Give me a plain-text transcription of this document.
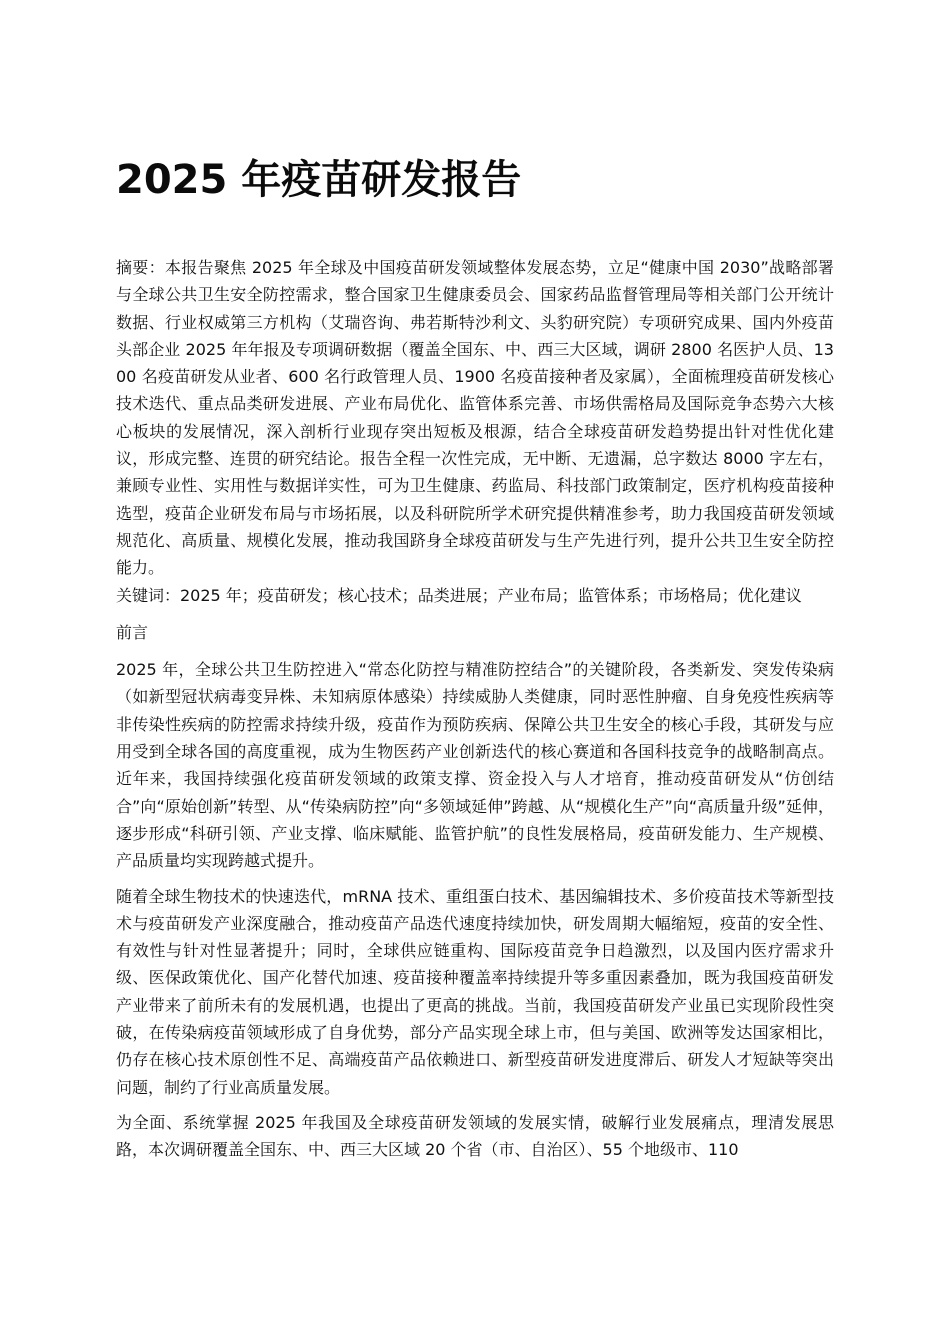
2025 年疫苗研发报告

摘要：本报告聚焦 2025 年全球及中国疫苗研发领域整体发展态势，立足“健康中国 2030”战略部署与全球公共卫生安全防控需求，整合国家卫生健康委员会、国家药品监督管理局等相关部门公开统计数据、行业权威第三方机构（艾瑞咨询、弗若斯特沙利文、头豹研究院）专项研究成果、国内外疫苗头部企业 2025 年年报及专项调研数据（覆盖全国东、中、西三大区域，调研 2800 名医护人员、1300 名疫苗研发从业者、600 名行政管理人员、1900 名疫苗接种者及家属），全面梳理疫苗研发核心技术迭代、重点品类研发进展、产业布局优化、监管体系完善、市场供需格局及国际竞争态势六大核心板块的发展情况，深入剖析行业现存突出短板及根源，结合全球疫苗研发趋势提出针对性优化建议，形成完整、连贯的研究结论。报告全程一次性完成，无中断、无遗漏，总字数达 8000 字左右，兼顾专业性、实用性与数据详实性，可为卫生健康、药监局、科技部门政策制定，医疗机构疫苗接种选型，疫苗企业研发布局与市场拓展，以及科研院所学术研究提供精准参考，助力我国疫苗研发领域规范化、高质量、规模化发展，推动我国跻身全球疫苗研发与生产先进行列，提升公共卫生安全防控能力。

关键词：2025 年；疫苗研发；核心技术；品类进展；产业布局；监管体系；市场格局；优化建议

前言

2025 年，全球公共卫生防控进入“常态化防控与精准防控结合”的关键阶段，各类新发、突发传染病（如新型冠状病毒变异株、未知病原体感染）持续威胁人类健康，同时恶性肿瘤、自身免疫性疾病等非传染性疾病的防控需求持续升级，疫苗作为预防疾病、保障公共卫生安全的核心手段，其研发与应用受到全球各国的高度重视，成为生物医药产业创新迭代的核心赛道和各国科技竞争的战略制高点。近年来，我国持续强化疫苗研发领域的政策支撑、资金投入与人才培育，推动疫苗研发从“仿创结合”向“原始创新”转型、从“传染病防控”向“多领域延伸”跨越、从“规模化生产”向“高质量升级”延伸，逐步形成“科研引领、产业支撑、临床赋能、监管护航”的良性发展格局，疫苗研发能力、生产规模、产品质量均实现跨越式提升。

随着全球生物技术的快速迭代，mRNA 技术、重组蛋白技术、基因编辑技术、多价疫苗技术等新型技术与疫苗研发产业深度融合，推动疫苗产品迭代速度持续加快，研发周期大幅缩短，疫苗的安全性、有效性与针对性显著提升；同时，全球供应链重构、国际疫苗竞争日趋激烈，以及国内医疗需求升级、医保政策优化、国产化替代加速、疫苗接种覆盖率持续提升等多重因素叠加，既为我国疫苗研发产业带来了前所未有的发展机遇，也提出了更高的挑战。当前，我国疫苗研发产业虽已实现阶段性突破，在传染病疫苗领域形成了自身优势，部分产品实现全球上市，但与美国、欧洲等发达国家相比，仍存在核心技术原创性不足、高端疫苗产品依赖进口、新型疫苗研发进度滞后、研发人才短缺等突出问题，制约了行业高质量发展。

为全面、系统掌握 2025 年我国及全球疫苗研发领域的发展实情，破解行业发展痛点，理清发展思路，本次调研覆盖全国东、中、西三大区域 20 个省（市、自治区）、55 个地级市、110
